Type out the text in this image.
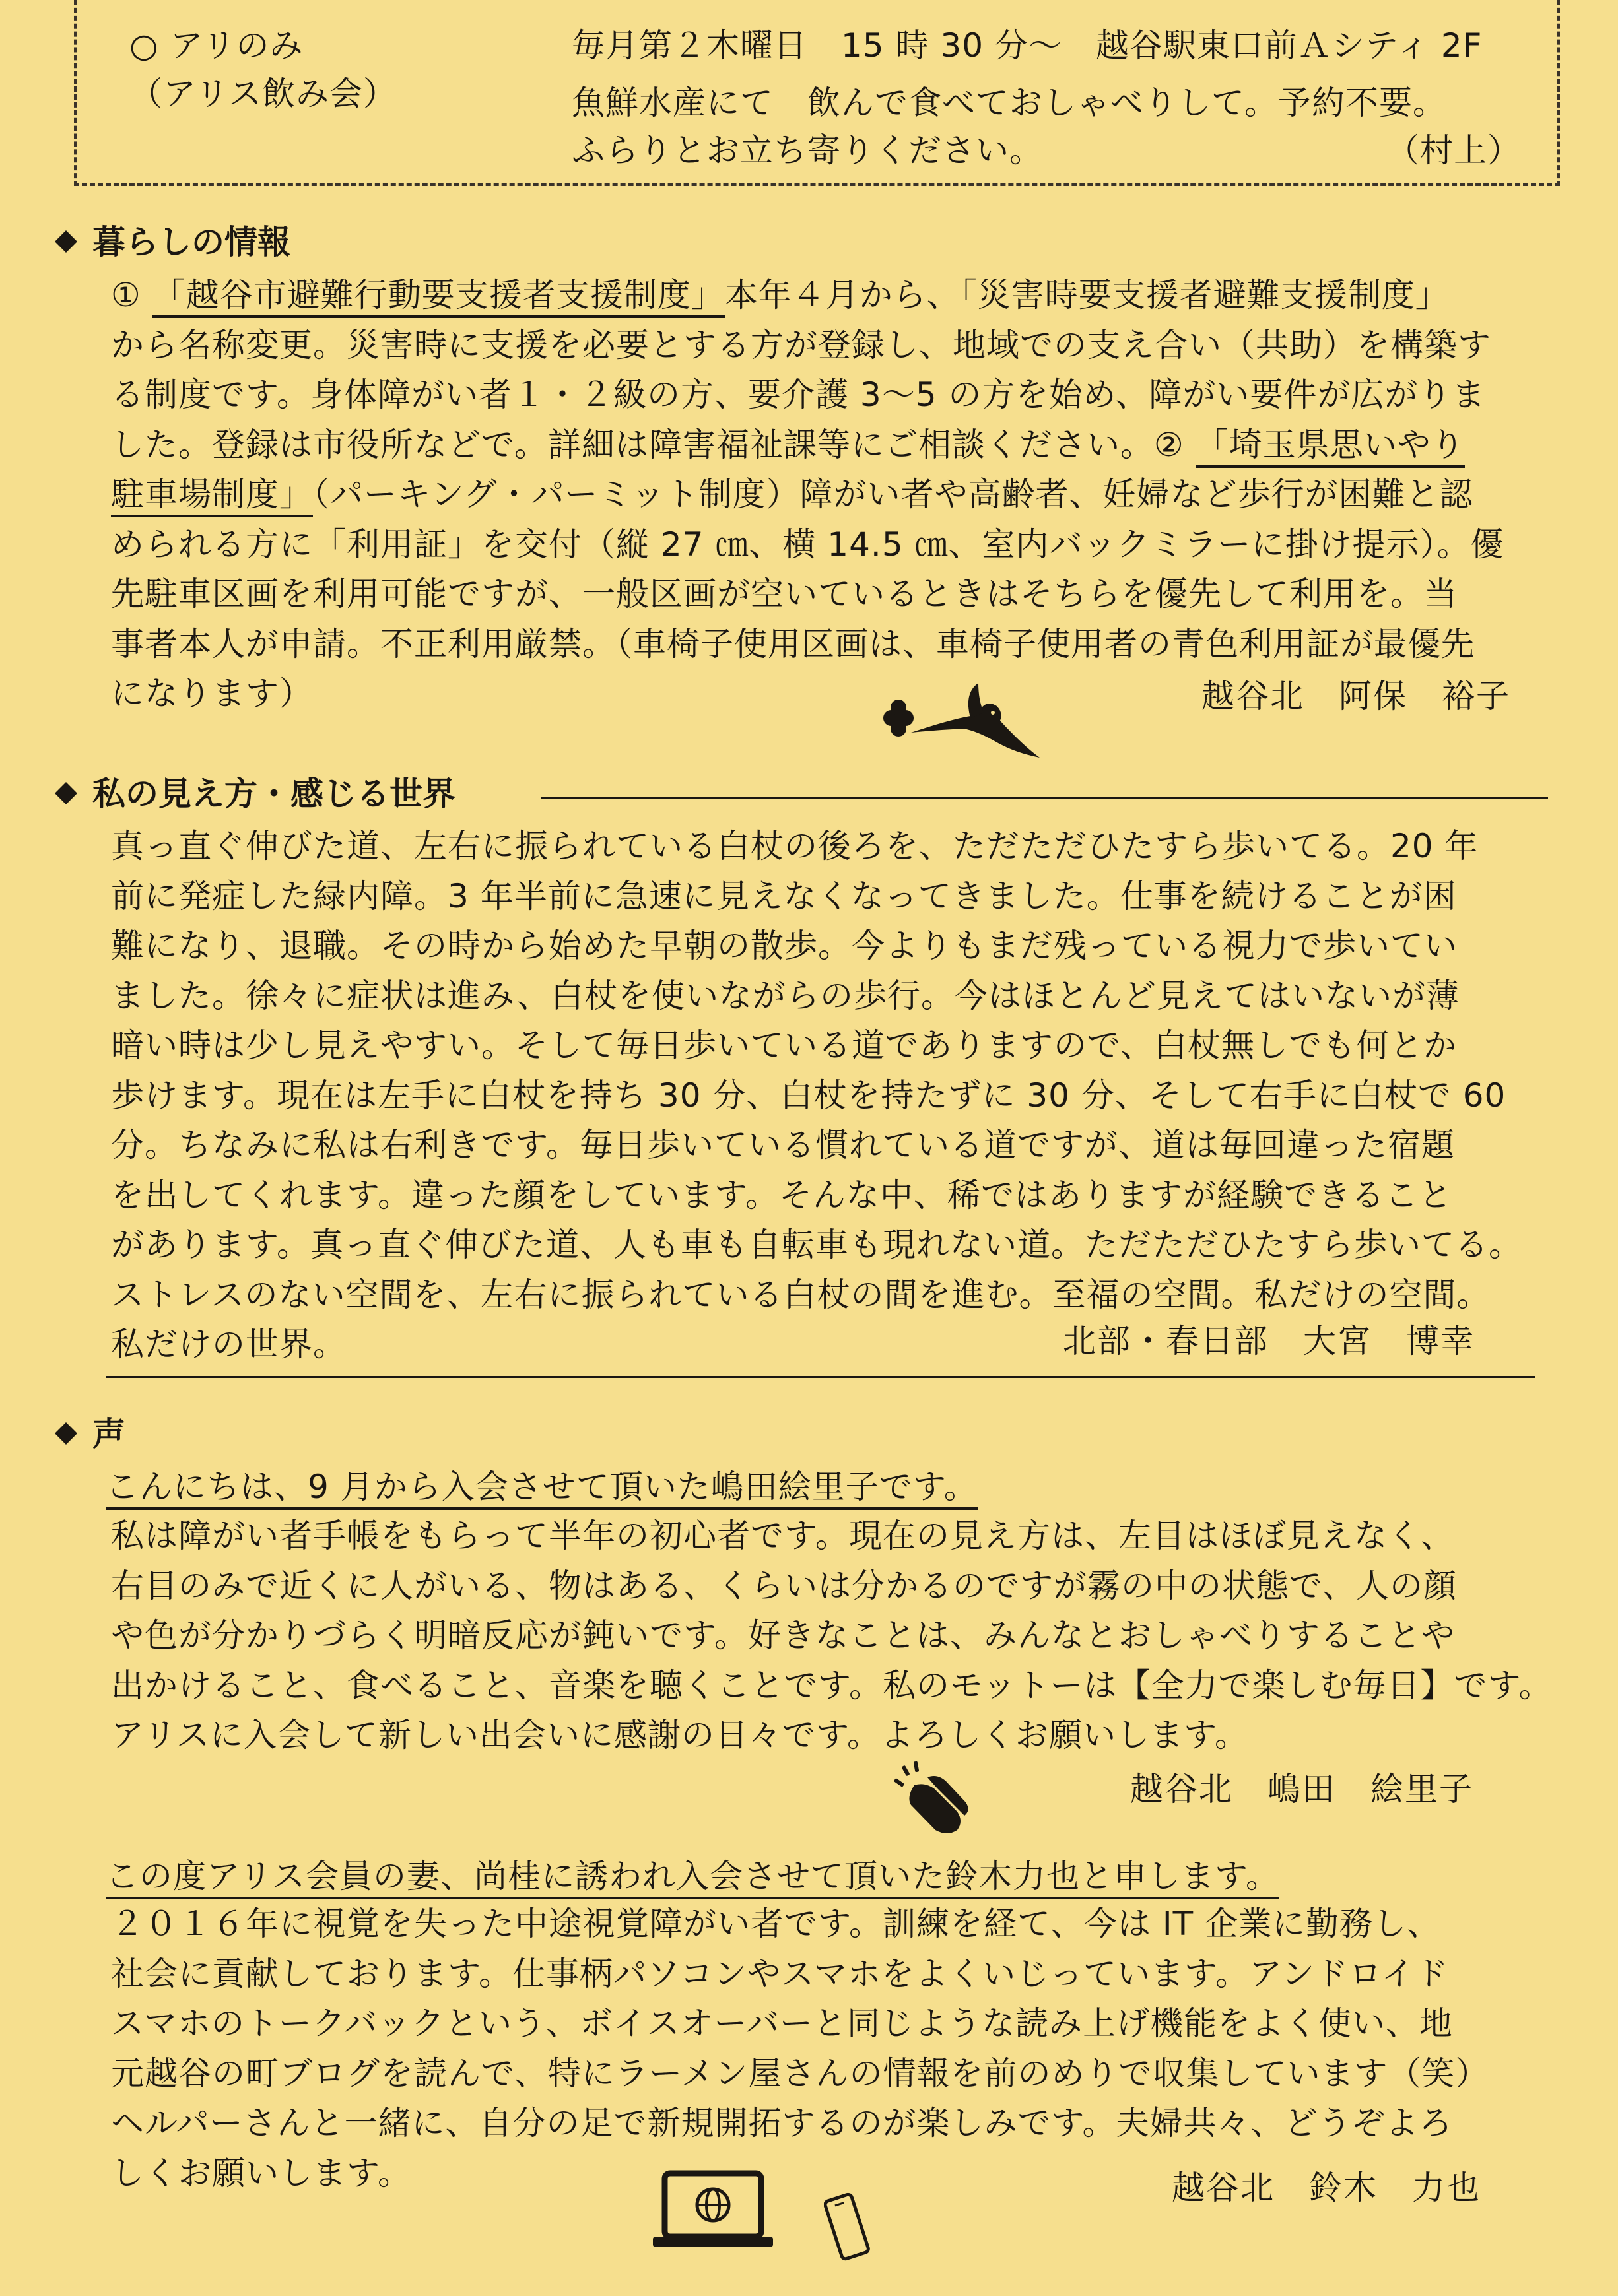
○ アリのみ
（アリス飲み会）
毎月第２木曜日　15 時 30 分〜　越谷駅東口前Ａシティ 2F
魚鮮水産にて　飲んで食べておしゃべりして。予約不要。
ふらりとお立ち寄りください。	（村上）
暮らしの情報
① 「越谷市避難行動要支援者支援制度」本年４月から、「災害時要支援者避難支援制度」
から名称変更。災害時に支援を必要とする方が登録し、地域での支え合い（共助）を構築す
る制度です。身体障がい者１・２級の方、要介護 3〜5 の方を始め、障がい要件が広がりま
した。登録は市役所などで。詳細は障害福祉課等にご相談ください。② 「埼玉県思いやり
駐車場制度」（パーキング・パーミット制度）障がい者や高齢者、妊婦など歩行が困難と認
められる方に「利用証」を交付（縦 27 ㎝、横 14.5 ㎝、室内バックミラーに掛け提示）。優
先駐車区画を利用可能ですが、一般区画が空いているときはそちらを優先して利用を。当
事者本人が申請。不正利用厳禁。（車椅子使用区画は、車椅子使用者の青色利用証が最優先
になります）	越谷北　阿保　裕子
私の見え方・感じる世界
真っ直ぐ伸びた道、左右に振られている白杖の後ろを、ただただひたすら歩いてる。20 年
前に発症した緑内障。3 年半前に急速に見えなくなってきました。仕事を続けることが困
難になり、退職。その時から始めた早朝の散歩。今よりもまだ残っている視力で歩いてい
ました。徐々に症状は進み、白杖を使いながらの歩行。今はほとんど見えてはいないが薄
暗い時は少し見えやすい。そして毎日歩いている道でありますので、白杖無しでも何とか
歩けます。現在は左手に白杖を持ち 30 分、白杖を持たずに 30 分、そして右手に白杖で 60
分。ちなみに私は右利きです。毎日歩いている慣れている道ですが、道は毎回違った宿題
を出してくれます。違った顔をしています。そんな中、稀ではありますが経験できること
があります。真っ直ぐ伸びた道、人も車も自転車も現れない道。ただただひたすら歩いてる。
ストレスのない空間を、左右に振られている白杖の間を進む。至福の空間。私だけの空間。
私だけの世界。	北部・春日部　大宮　博幸
声
こんにちは、9 月から入会させて頂いた嶋田絵里子です。
私は障がい者手帳をもらって半年の初心者です。現在の見え方は、左目はほぼ見えなく、
右目のみで近くに人がいる、物はある、くらいは分かるのですが霧の中の状態で、人の顔
や色が分かりづらく明暗反応が鈍いです。好きなことは、みんなとおしゃべりすることや
出かけること、食べること、音楽を聴くことです。私のモットーは【全力で楽しむ毎日】です。
アリスに入会して新しい出会いに感謝の日々です。よろしくお願いします。
越谷北　嶋田　絵里子
この度アリス会員の妻、尚桂に誘われ入会させて頂いた鈴木力也と申します。
２０１６年に視覚を失った中途視覚障がい者です。訓練を経て、今は IT 企業に勤務し、
社会に貢献しております。仕事柄パソコンやスマホをよくいじっています。アンドロイド
スマホのトークバックという、ボイスオーバーと同じような読み上げ機能をよく使い、地
元越谷の町ブログを読んで、特にラーメン屋さんの情報を前のめりで収集しています（笑）
ヘルパーさんと一緒に、自分の足で新規開拓するのが楽しみです。夫婦共々、どうぞよろ
しくお願いします。	越谷北　鈴木　力也
